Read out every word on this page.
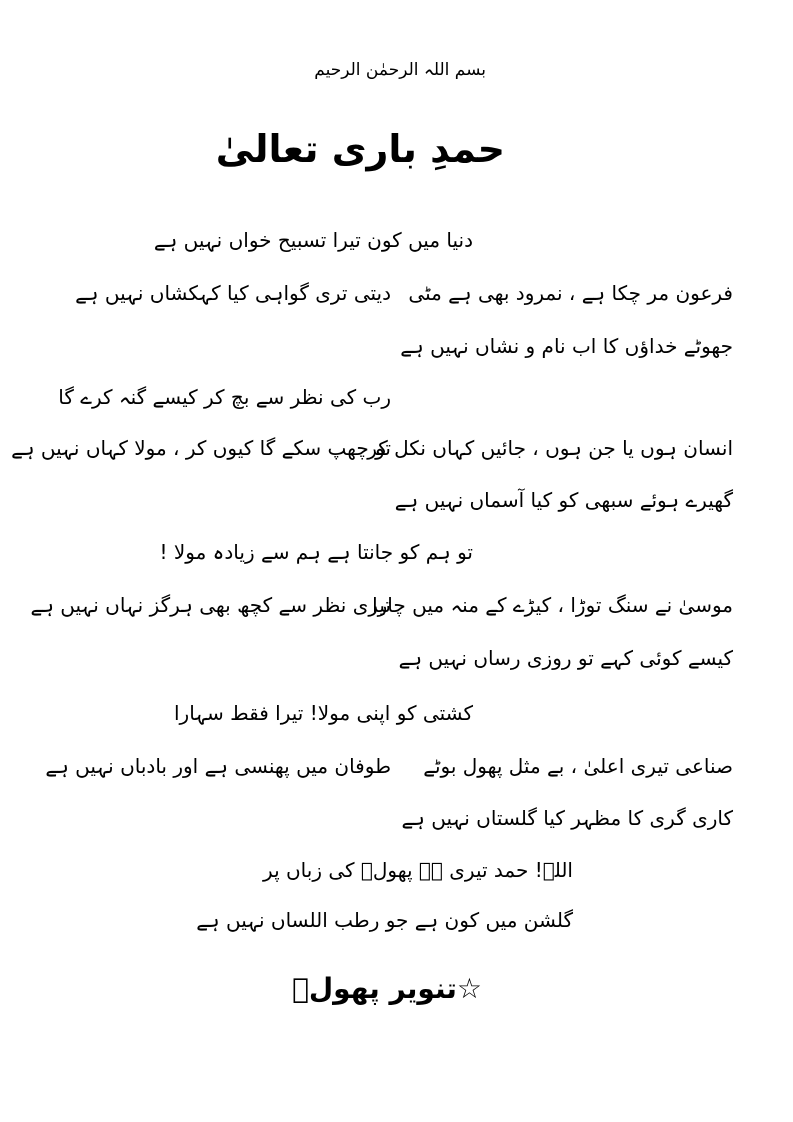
بسم اللہ الرحمٰن الرحیم
حمدِ باری تعالیٰ
دنیا میں کون تیرا تسبیح خواں نہیں ہے
دیتی تری گواہی کیا کہکشاں نہیں ہے فرعون مر چکا ہے ، نمرود بھی ہے مٹی
جھوٹے خداؤں کا اب نام و نشاں نہیں ہے
رب کی نظر سے بچ کر کیسے گنہ کرے گا
تو چھپ سکے گا کیوں کر ، مولا کہاں نہیں ہے
انسان ہوں یا جن ہوں ، جائیں کہاں نکل کر
گھیرے ہوئے سبھی کو کیا آسماں نہیں ہے
تو ہم کو جانتا ہے ہم سے زیادہ مولا !
تیری نظر سے کچھ بھی ہرگز نہاں نہیں ہے
موسیٰ نے سنگ توڑا ، کیڑے کے منہ میں چارا
کیسے کوئی کہے تو روزی رساں نہیں ہے
کشتی کو اپنی مولا! تیرا فقط سہارا
طوفان میں پھنسی ہے اور بادباں نہیں ہے صناعی تیری اعلیٰ ، بے مثل پھول بوٹے
کاری گری کا مظہر کیا گلستاں نہیں ہے
اللہ! حمد تیری ہے پھولؔ کی زباں پر
گلشن میں کون ہے جو رطب اللساں نہیں ہے
☆تنویر پھولؔ
